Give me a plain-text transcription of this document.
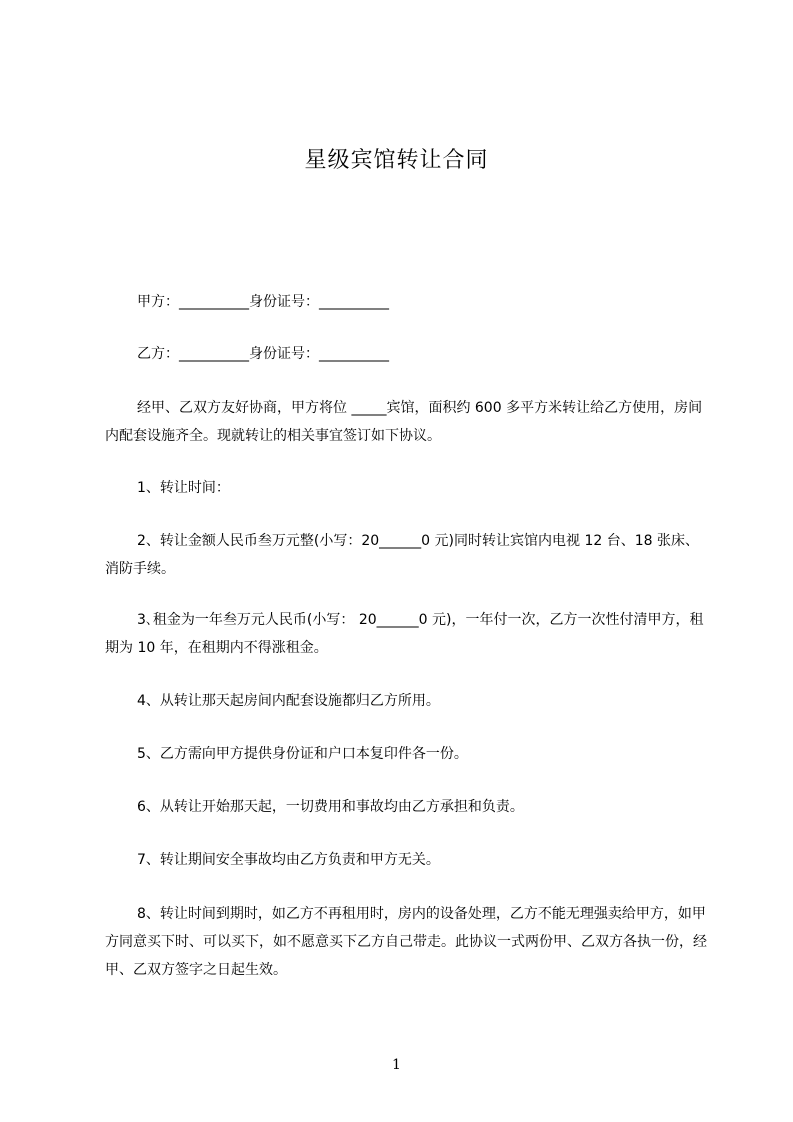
星级宾馆转让合同
甲方：__________身份证号：__________
乙方：__________身份证号：__________
经甲、乙双方友好协商，甲方将位 _____宾馆，面积约 600 多平方米转让给乙方使用，房间内配套设施齐全。现就转让的相关事宜签订如下协议。
1、转让时间：
2、转让金额人民币叁万元整(小写：20______0 元)同时转让宾馆内电视 12 台、18 张床、消防手续。
3､租金为一年叁万元人民币(小写： 20______0 元)，一年付一次，乙方一次性付清甲方，租期为 10 年，在租期内不得涨租金。
4、从转让那天起房间内配套设施都归乙方所用。
5、乙方需向甲方提供身份证和户口本复印件各一份。
6、从转让开始那天起，一切费用和事故均由乙方承担和负责。
7、转让期间安全事故均由乙方负责和甲方无关。
8、转让时间到期时，如乙方不再租用时，房内的设备处理，乙方不能无理强卖给甲方，如甲方同意买下时、可以买下，如不愿意买下乙方自己带走。此协议一式两份甲、乙双方各执一份，经甲、乙双方签字之日起生效。
1
